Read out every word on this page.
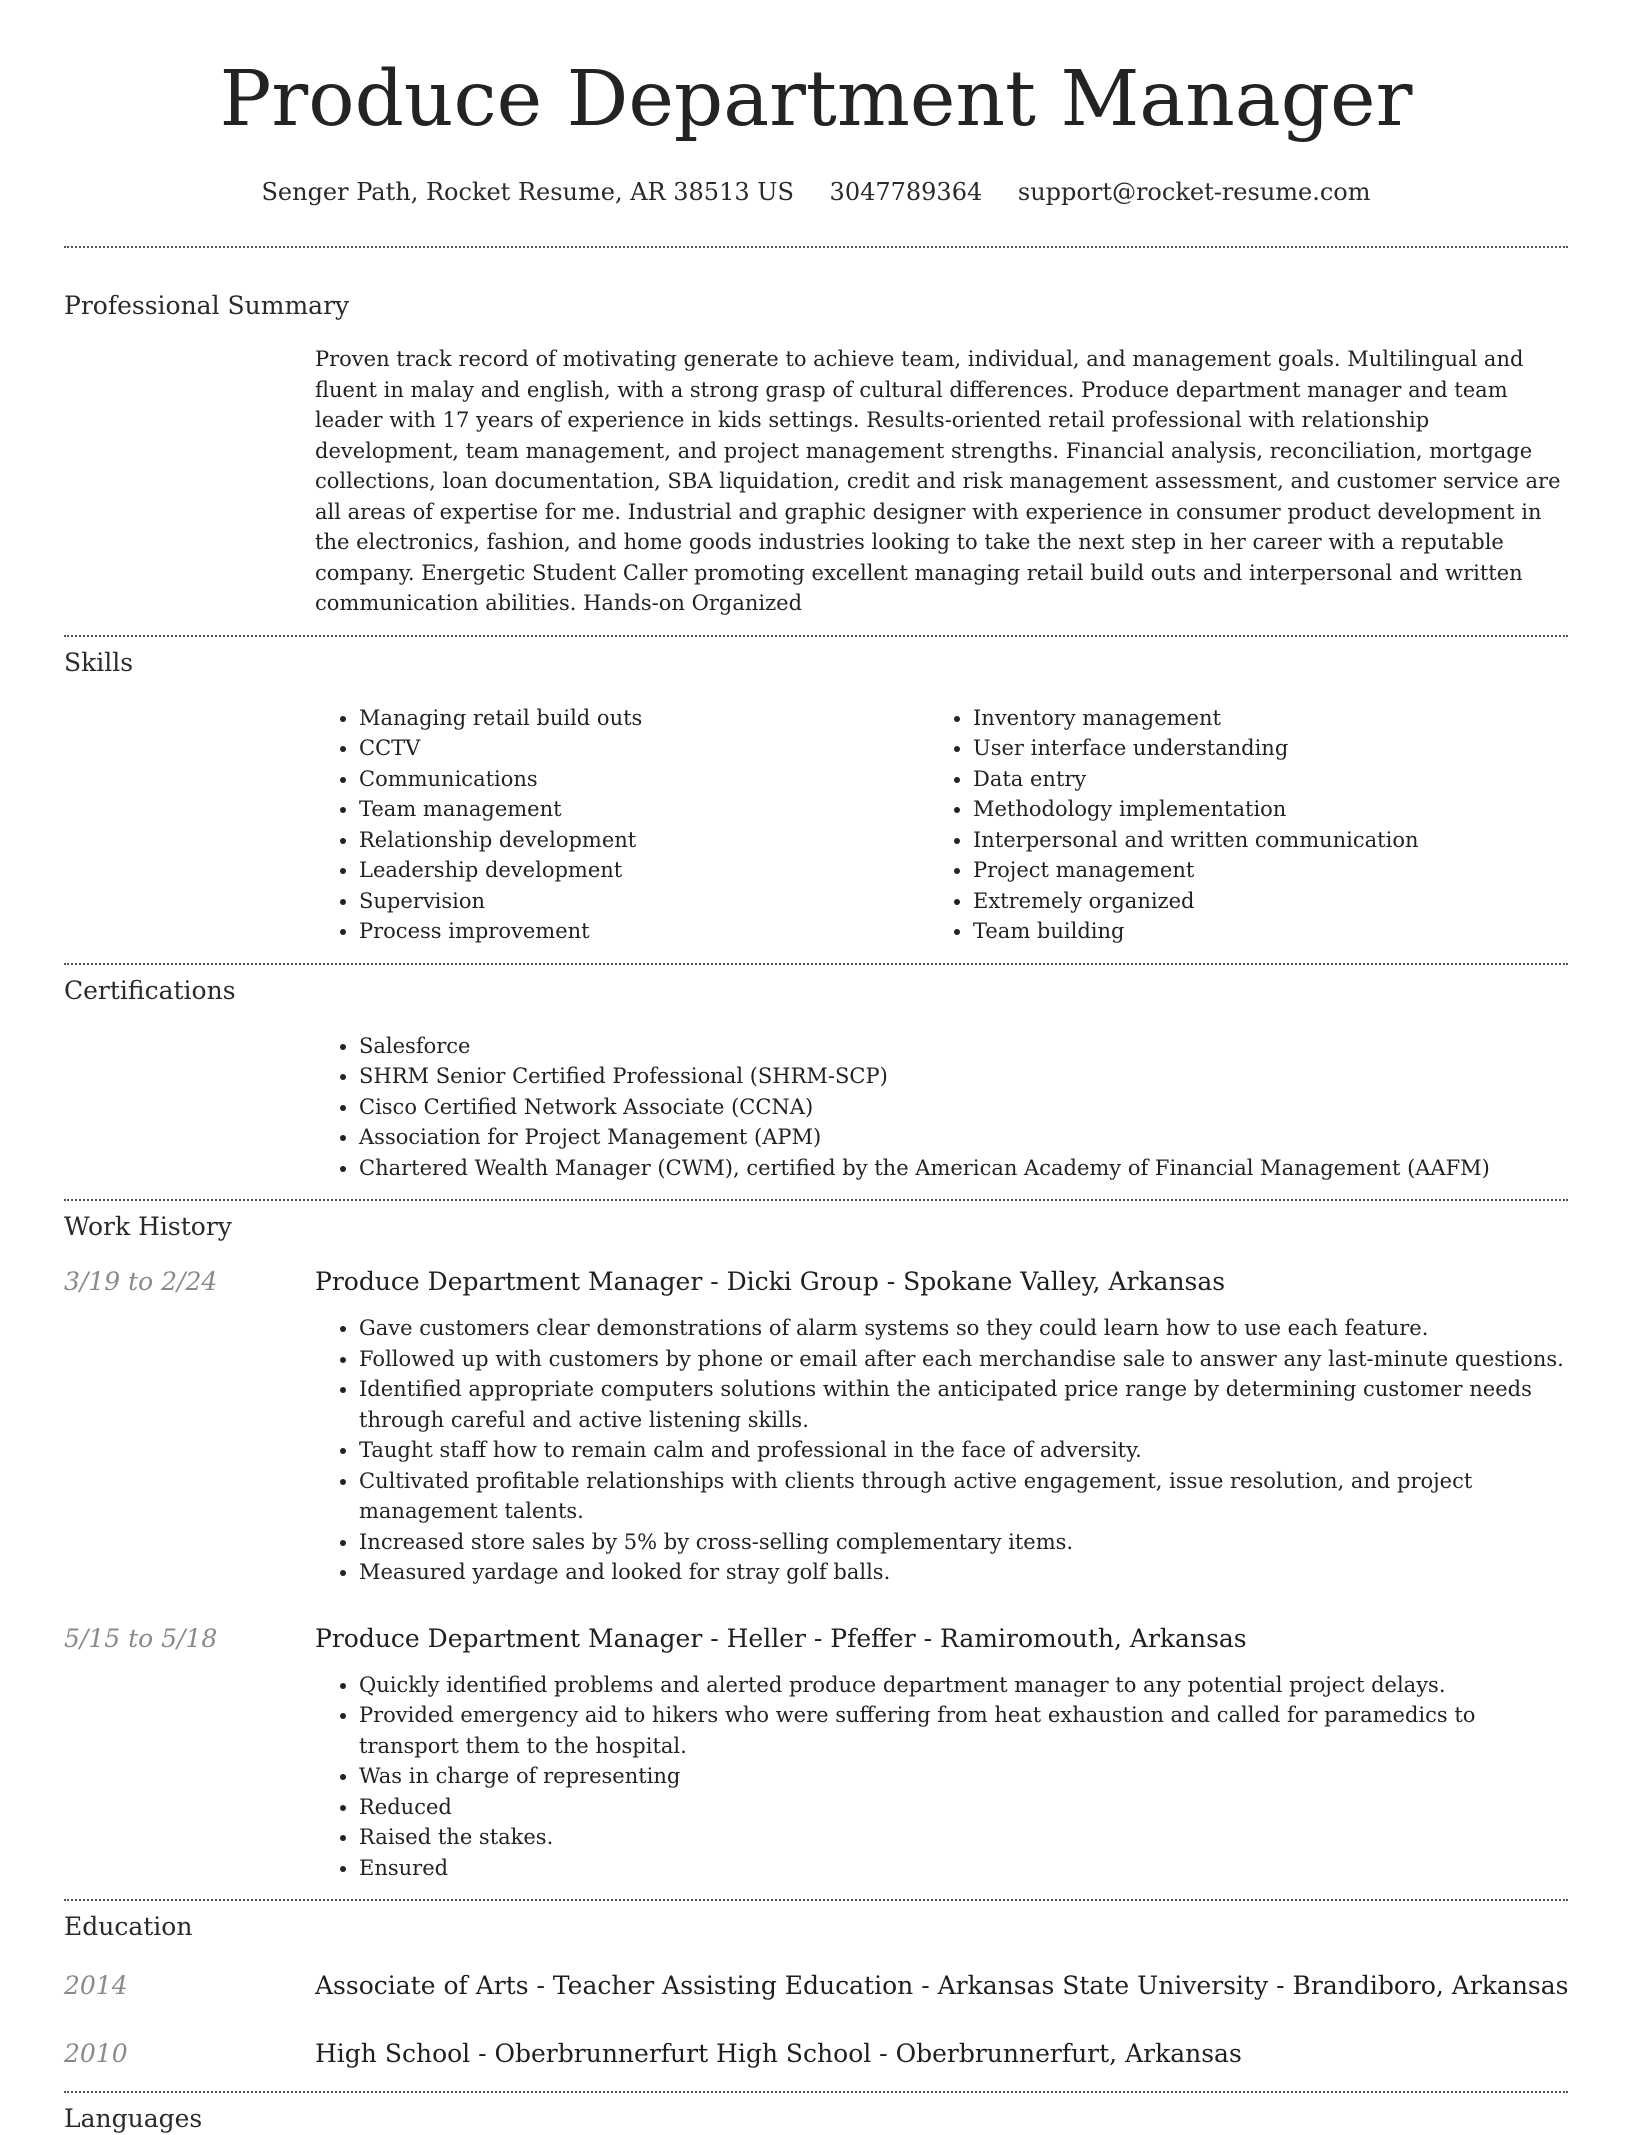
Produce Department Manager
Senger Path, Rocket Resume, AR 38513 US 3047789364 support@rocket-resume.com
Professional Summary
Proven track record of motivating generate to achieve team, individual, and management goals. Multilingual and fluent in malay and english, with a strong grasp of cultural differences. Produce department manager and team leader with 17 years of experience in kids settings. Results-oriented retail professional with relationship development, team management, and project management strengths. Financial analysis, reconciliation, mortgage collections, loan documentation, SBA liquidation, credit and risk management assessment, and customer service are all areas of expertise for me. Industrial and graphic designer with experience in consumer product development in the electronics, fashion, and home goods industries looking to take the next step in her career with a reputable company. Energetic Student Caller promoting excellent managing retail build outs and interpersonal and written communication abilities. Hands-on Organized
Skills
• Managing retail build outs
• CCTV
• Communications
• Team management
• Relationship development
• Leadership development
• Supervision
• Process improvement
• Inventory management
• User interface understanding
• Data entry
• Methodology implementation
• Interpersonal and written communication
• Project management
• Extremely organized
• Team building
Certifications
• Salesforce
• SHRM Senior Certified Professional (SHRM-SCP)
• Cisco Certified Network Associate (CCNA)
• Association for Project Management (APM)
• Chartered Wealth Manager (CWM), certified by the American Academy of Financial Management (AAFM)
Work History
3/19 to 2/24	Produce Department Manager - Dicki Group - Spokane Valley, Arkansas
• Gave customers clear demonstrations of alarm systems so they could learn how to use each feature.
• Followed up with customers by phone or email after each merchandise sale to answer any last-minute questions.
• Identified appropriate computers solutions within the anticipated price range by determining customer needs through careful and active listening skills.
• Taught staff how to remain calm and professional in the face of adversity.
• Cultivated profitable relationships with clients through active engagement, issue resolution, and project management talents.
• Increased store sales by 5% by cross-selling complementary items.
• Measured yardage and looked for stray golf balls.
5/15 to 5/18	Produce Department Manager - Heller - Pfeffer - Ramiromouth, Arkansas
• Quickly identified problems and alerted produce department manager to any potential project delays.
• Provided emergency aid to hikers who were suffering from heat exhaustion and called for paramedics to transport them to the hospital.
• Was in charge of representing
• Reduced
• Raised the stakes.
• Ensured
Education
2014	Associate of Arts - Teacher Assisting Education - Arkansas State University - Brandiboro, Arkansas
2010	High School - Oberbrunnerfurt High School - Oberbrunnerfurt, Arkansas
Languages
